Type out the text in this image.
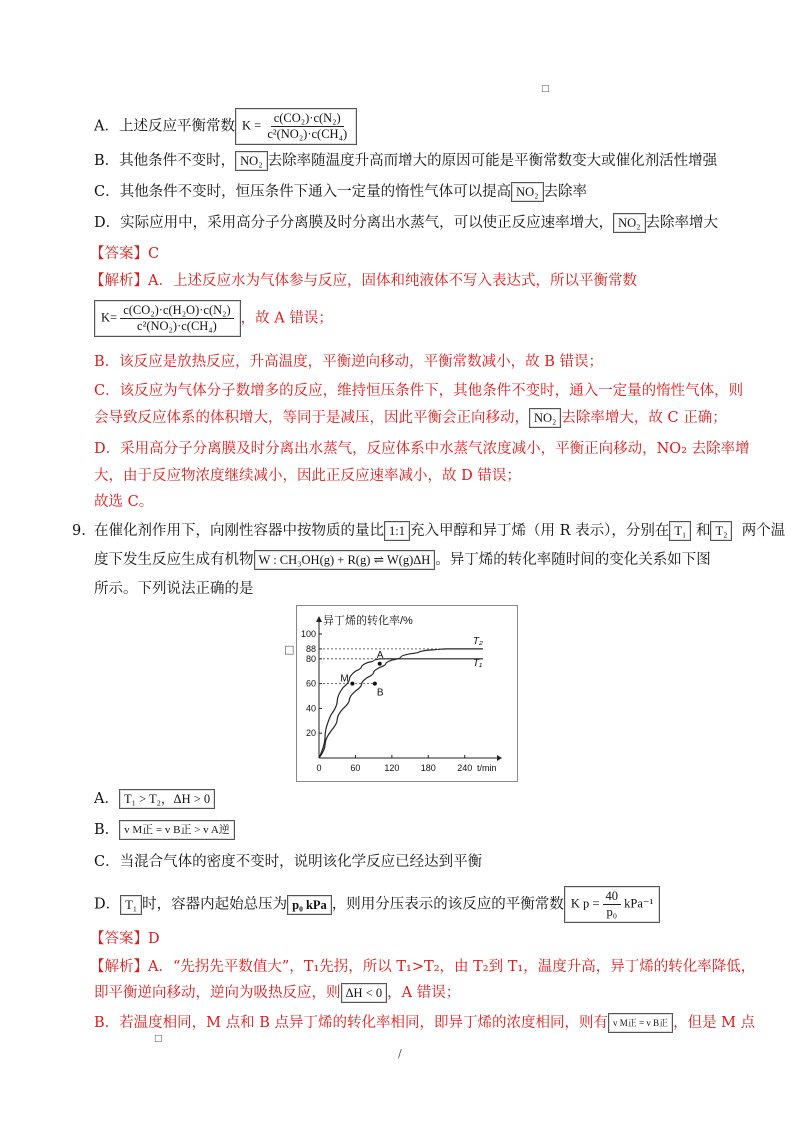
□
A．上述反应平衡常数 $K = \frac{\text{c(CO₂)·c(N₂)}}{\text{c²(NO₂)·c(CH₄)}}$
B．其他条件不变时， NO₂ 去除率随温度升高而增大的原因可能是平衡常数变大或催化剂活性增强
C．其他条件不变时，恒压条件下通入一定量的惰性气体可以提高 NO₂ 去除率
D．实际应用中，采用高分子分离膜及时分离出水蒸气，可以使正反应速率增大， NO₂ 去除率增大
【答案】C
【解析】A．上述反应水为气体参与反应，固体和纯液体不写入表达式，所以平衡常数
$K= \frac{\text{c(CO₂)·c(H₂O)·c(N₂)}}{\text{c²(NO₂)·c(CH₄)}}$ ，故 A 错误；
B．该反应是放热反应，升高温度，平衡逆向移动，平衡常数减小，故 B 错误；
C．该反应为气体分子数增多的反应，维持恒压条件下，其他条件不变时，通入一定量的惰性气体，则
会导致反应体系的体积增大，等同于是减压，因此平衡会正向移动， NO₂ 去除率增大，故 C 正确；
D．采用高分子分离膜及时分离出水蒸气，反应体系中水蒸气浓度减小，平衡正向移动，NO₂ 去除率增
大，由于反应物浓度继续减小，因此正反应速率减小，故 D 错误；
故选 C。
9. 在催化剂作用下，向刚性容器中按物质的量比 1:1 充入甲醇和异丁烯（用 R 表示），分别在 T₁ 和 T₂ 两个温
度下发生反应生成有机物 W : CH₃OH(g) + R(g) ⇌ W(g)ΔH 。异丁烯的转化率随时间的变化关系如下图
所示。下列说法正确的是
□
异丁烯的转化率/%
t/min
0	60	120 180 240
20
40
60
80
88
100
T₂
T₁
M
B
A
A． T₁ > T₂，ΔH > 0
B． v M正 = v B正 > v A逆
C．当混合气体的密度不变时，说明该化学反应已经达到平衡
D． T₁ 时，容器内起始总压为 p₀ kPa ，则用分压表示的该反应的平衡常数 K $p = \frac{40}{\text{p₀}} kPa^{-1}$
【答案】D
【解析】A．“先拐先平数值大”，T₁先拐，所以 T₁>T₂，由 T₂到 T₁，温度升高，异丁烯的转化率降低，
即平衡逆向移动，逆向为吸热反应，则 ΔH < 0 ，A 错误；
B．若温度相同，M 点和 B 点异丁烯的转化率相同，即异丁烯的浓度相同，则有 v M正 = v B正 ，但是 M 点
□
/
